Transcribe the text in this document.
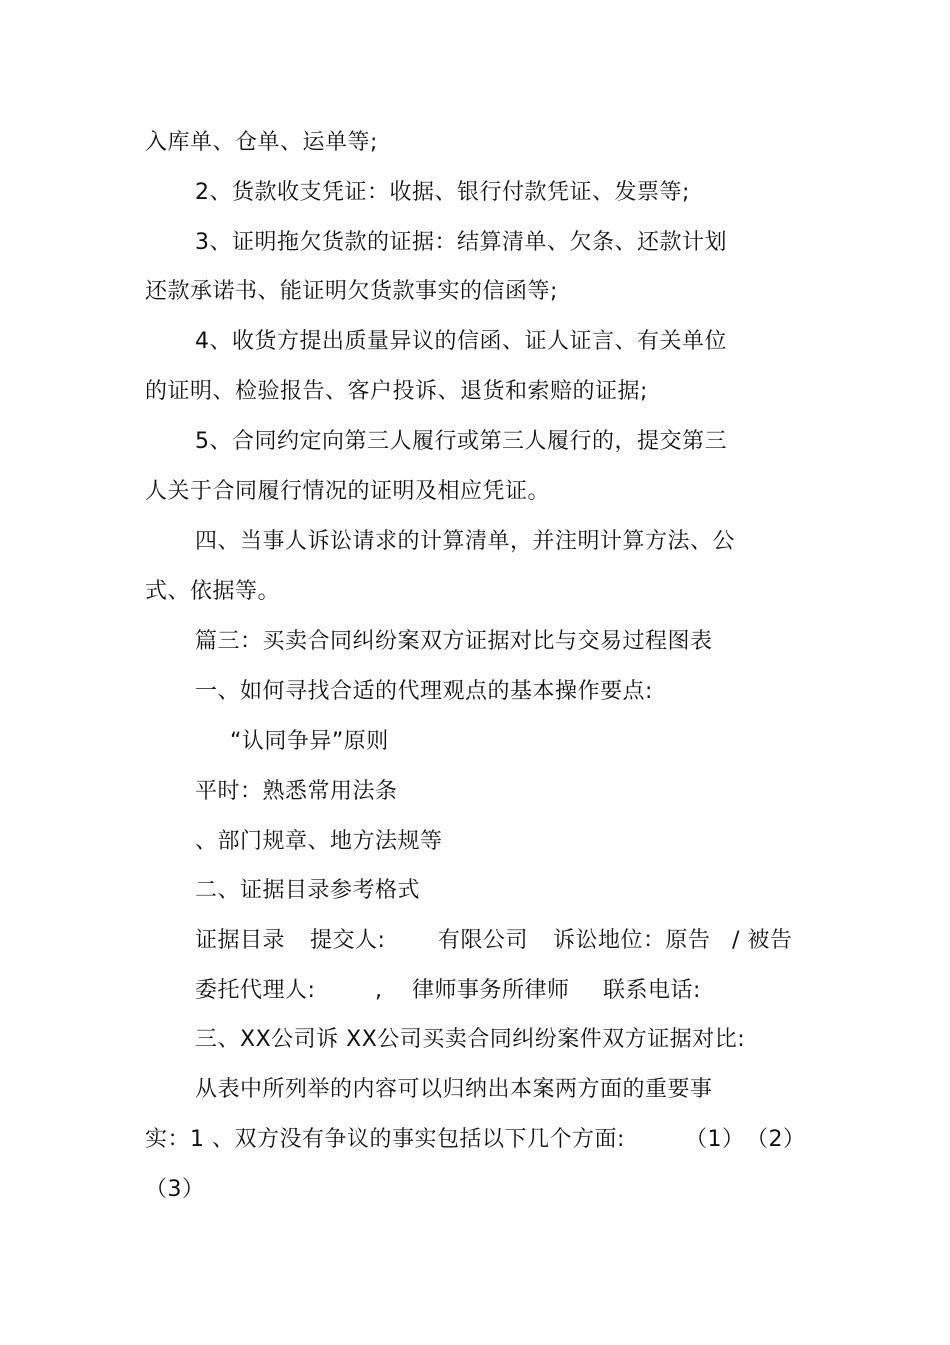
入库单、仓单、运单等;

2、货款收支凭证：收据、银行付款凭证、发票等;

3、证明拖欠货款的证据：结算清单、欠条、还款计划

还款承诺书、能证明欠货款事实的信函等;

4、收货方提出质量异议的信函、证人证言、有关单位

的证明、检验报告、客户投诉、退货和索赔的证据;

5、合同约定向第三人履行或第三人履行的，提交第三

人关于合同履行情况的证明及相应凭证。

四、当事人诉讼请求的计算清单，并注明计算方法、公

式、依据等。

篇三：买卖合同纠纷案双方证据对比与交易过程图表

一、如何寻找合适的代理观点的基本操作要点:

“认同争异”原则

平时：熟悉常用法条

、部门规章、地方法规等

二、证据目录参考格式

证据目录 提交人: 有限公司 诉讼地位：原告 / 被告
委托代理人:	, 律师事务所律师 联系电话:

三、XX公司诉 XX公司买卖合同纠纷案件双方证据对比:

从表中所列举的内容可以归纳出本案两方面的重要事

实：1 、双方没有争议的事实包括以下几个方面:	（1） （2）

（3）
